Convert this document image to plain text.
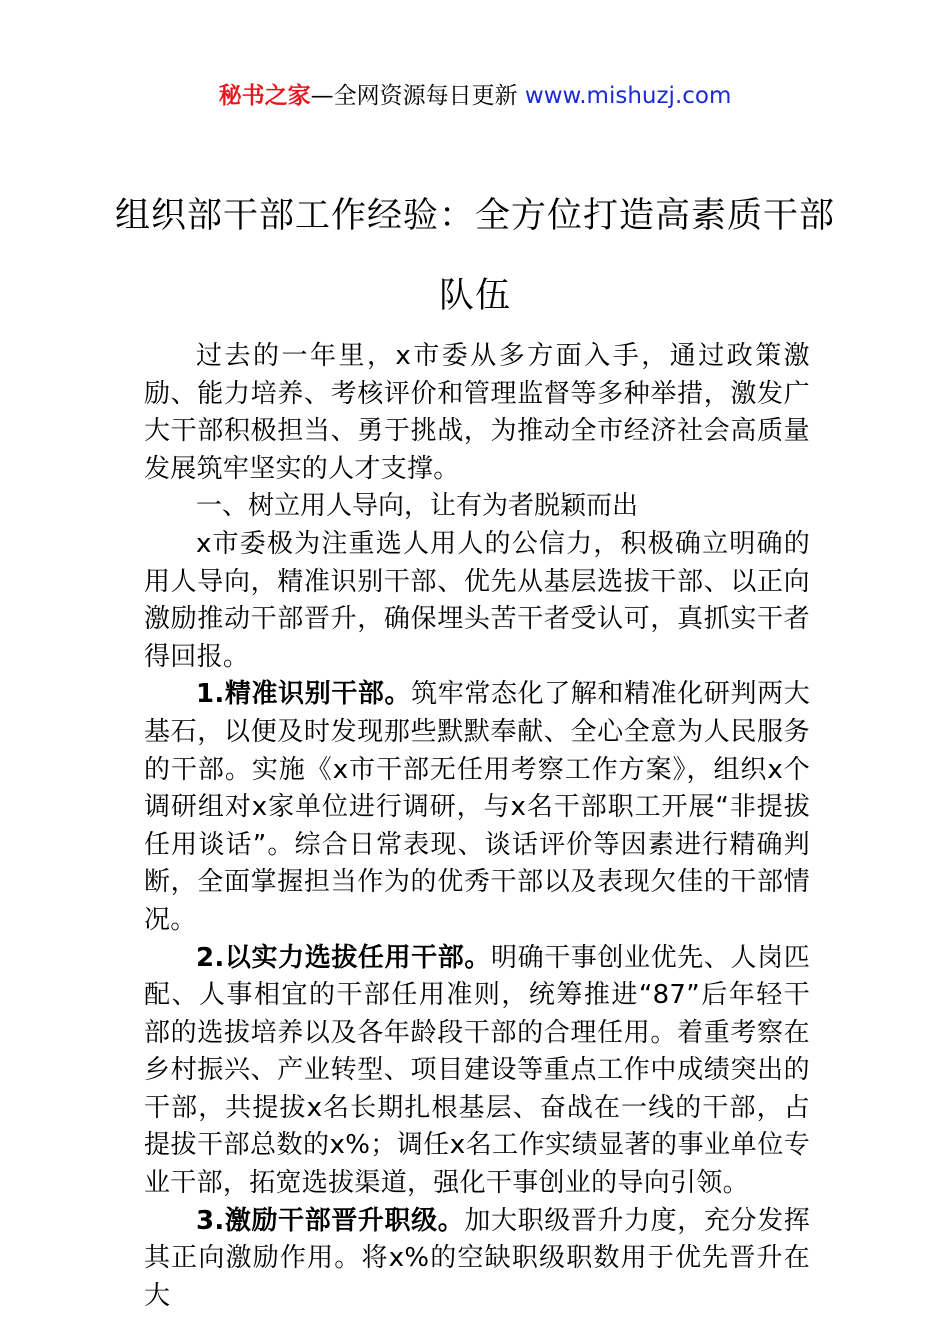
秘书之家—全网资源每日更新 www.mishuzj.com
组织部干部工作经验：全方位打造高素质干部队伍

过去的一年里，x市委从多方面入手，通过政策激励、能力培养、考核评价和管理监督等多种举措，激发广大干部积极担当、勇于挑战，为推动全市经济社会高质量发展筑牢坚实的人才支撑。

一、树立用人导向，让有为者脱颖而出

x市委极为注重选人用人的公信力，积极确立明确的用人导向，精准识别干部、优先从基层选拔干部、以正向激励推动干部晋升，确保埋头苦干者受认可，真抓实干者得回报。

1.精准识别干部。筑牢常态化了解和精准化研判两大基石，以便及时发现那些默默奉献、全心全意为人民服务的干部。实施《x市干部无任用考察工作方案》，组织x个调研组对x家单位进行调研，与x名干部职工开展“非提拔任用谈话”。综合日常表现、谈话评价等因素进行精确判断，全面掌握担当作为的优秀干部以及表现欠佳的干部情况。

2.以实力选拔任用干部。明确干事创业优先、人岗匹配、人事相宜的干部任用准则，统筹推进“87”后年轻干部的选拔培养以及各年龄段干部的合理任用。着重考察在乡村振兴、产业转型、项目建设等重点工作中成绩突出的干部，共提拔x名长期扎根基层、奋战在一线的干部，占提拔干部总数的x%；调任x名工作实绩显著的事业单位专业干部，拓宽选拔渠道，强化干事创业的导向引领。

3.激励干部晋升职级。加大职级晋升力度，充分发挥其正向激励作用。将x%的空缺职级职数用于优先晋升在大
